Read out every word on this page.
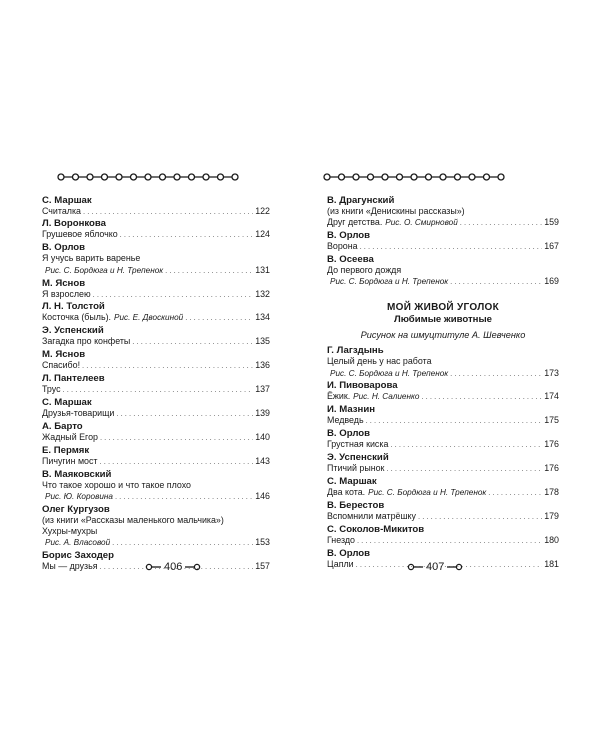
С. Маршак
Считалка . . .	122
Л. Воронкова
Грушевое яблочко . . .	124
В. Орлов
Я учусь варить варенье
Рис. С. Бордюга и Н. Трепенок . . .	131
М. Яснов
Я взрослею . . .	132
Л. Н. Толстой
Косточка (быль). Рис. Е. Двоскиной . . .	134
Э. Успенский
Загадка про конфеты . . .	135
М. Яснов
Спасибо! . . .	136
Л. Пантелеев
Трус . . .	137
С. Маршак
Друзья-товарищи . . .	139
А. Барто
Жадный Егор . . .	140
Е. Пермяк
Пичугин мост . . .	143
В. Маяковский
Что такое хорошо и что такое плохо
Рис. Ю. Коровина . . .	146
Олег Кургузов
(из книги «Рассказы маленького мальчика»)
Хухры-мухры
Рис. А. Власовой . . .	153
Борис Заходер
Мы — друзья . . .	157
406
В. Драгунский
(из книги «Денискины рассказы»)
Друг детства. Рис. О. Смирновой . . .	159
В. Орлов
Ворона . . .	167
В. Осеева
До первого дождя
Рис. С. Бордюга и Н. Трепенок . . .	169
МОЙ ЖИВОЙ УГОЛОК
Любимые животные
Рисунок на шмуцтитуле А. Шевченко
Г. Лагздынь
Целый день у нас работа
Рис. С. Бордюга и Н. Трепенок . . .	173
И. Пивоварова
Ёжик. Рис. Н. Салиенко . . .	174
И. Мазнин
Медведь . . .	175
В. Орлов
Грустная киска . . .	176
Э. Успенский
Птичий рынок . . .	176
С. Маршак
Два кота. Рис. С. Бордюга и Н. Трепенок . . .	178
В. Берестов
Вспомнили матрёшку . . .	179
С. Соколов-Микитов
Гнездо . . .	180
В. Орлов
Цапли . . .	181
407
